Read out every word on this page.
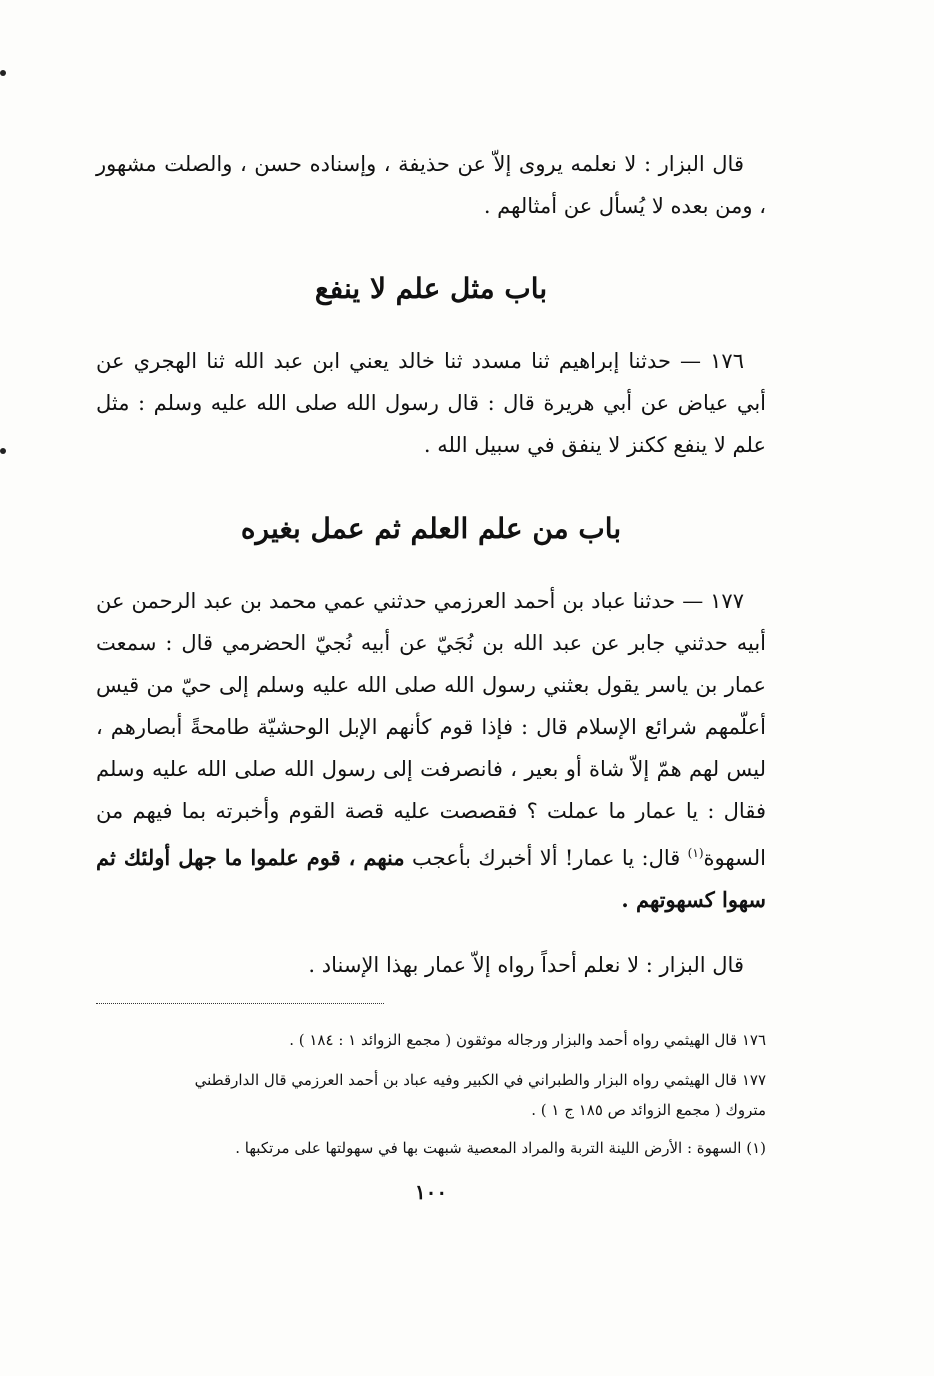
قال البزار : لا نعلمه يروى إلاّ عن حذيفة ، وإسناده حسن ، والصلت مشهور ، ومن بعده لا يُسأل عن أمثالهم .

باب مثل علم لا ينفع

١٧٦ — حدثنا إبراهيم ثنا مسدد ثنا خالد يعني ابن عبد الله ثنا الهجري عن أبي عياض عن أبي هريرة قال : قال رسول الله صلى الله عليه وسلم : مثل علم لا ينفع ككنز لا ينفق في سبيل الله .

باب من علم العلم ثم عمل بغيره

١٧٧ — حدثنا عباد بن أحمد العرزمي حدثني عمي محمد بن عبد الرحمن عن أبيه حدثني جابر عن عبد الله بن نُجَيّ عن أبيه نُجيّ الحضرمي قال : سمعت عمار بن ياسر يقول بعثني رسول الله صلى الله عليه وسلم إلى حيّ من قيس أعلّمهم شرائع الإسلام قال : فإذا قوم كأنهم الإبل الوحشيّة طامحةً أبصارهم ، ليس لهم همّ إلاّ شاة أو بعير ، فانصرفت إلى رسول الله صلى الله عليه وسلم فقال : يا عمار ما عملت ؟ فقصصت عليه قصة القوم وأخبرته بما فيهم من السهوة$^{(١)}$ قال: يا عمار! ألا أخبرك بأعجب منهم ، قوم علموا ما جهل أولئك ثم سهوا كسهوتهم .

قال البزار : لا نعلم أحداً رواه إلاّ عمار بهذا الإسناد .

١٧٦ قال الهيثمي رواه أحمد والبزار ورجاله موثقون ( مجمع الزوائد ١ : ١٨٤ ) .

١٧٧ قال الهيثمي رواه البزار والطبراني في الكبير وفيه عباد بن أحمد العرزمي قال الدارقطني

متروك ( مجمع الزوائد ص ١٨٥ ج ١ ) .

(١) السهوة : الأرض اللينة التربة والمراد المعصية شبهت بها في سهولتها على مرتكبها .

١٠٠
